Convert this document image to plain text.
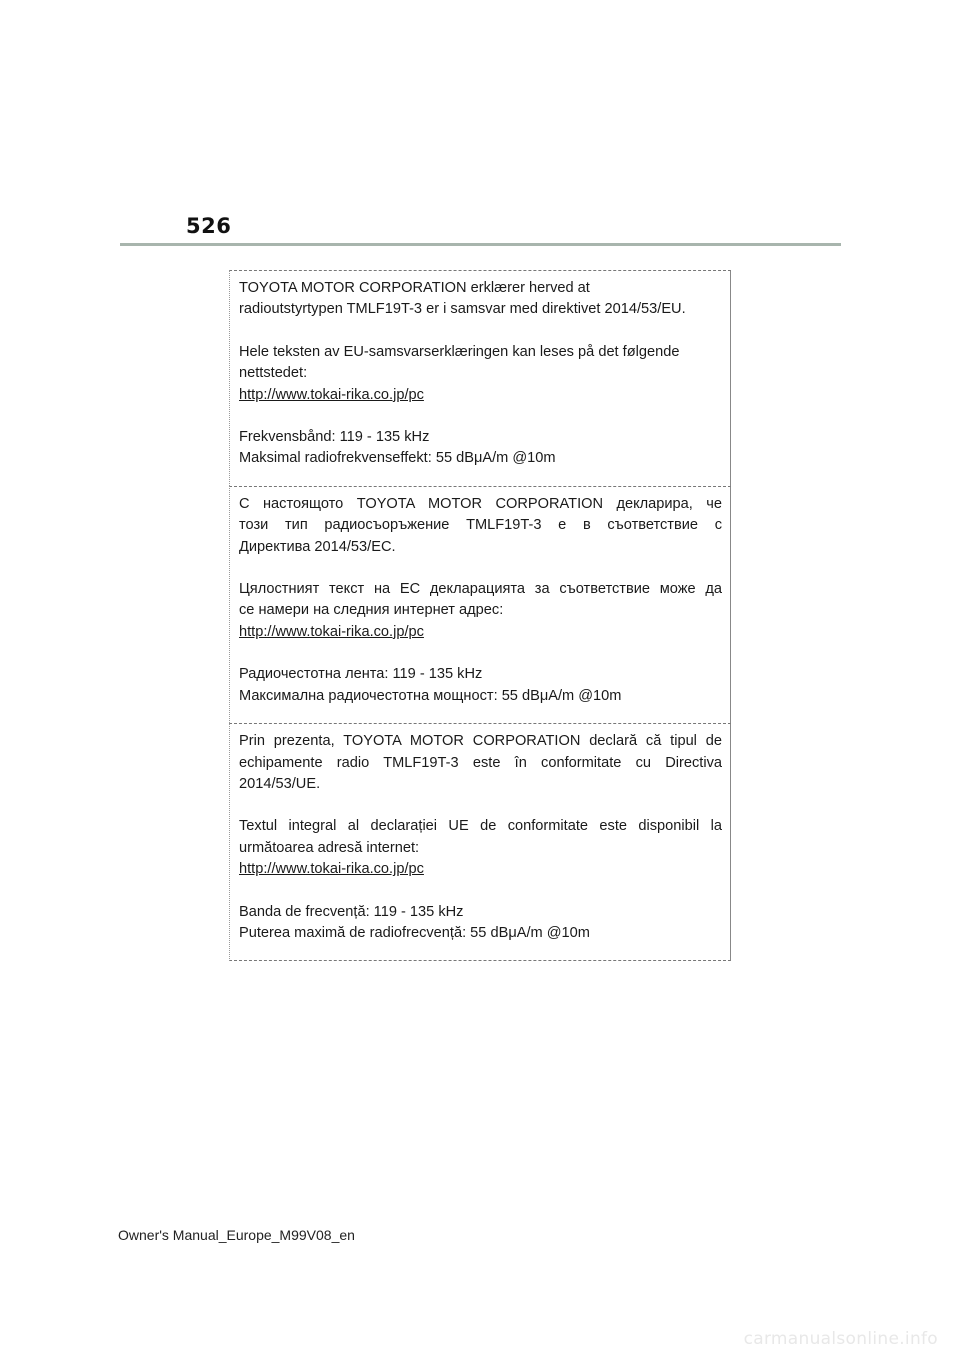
526

TOYOTA MOTOR CORPORATION erklærer herved at
radioutstyrtypen TMLF19T-3 er i samsvar med direktivet 2014/53/EU.

Hele teksten av EU-samsvarserklæringen kan leses på det følgende
nettstedet:
http://www.tokai-rika.co.jp/pc

Frekvensbånd: 119 - 135 kHz
Maksimal radiofrekvenseffekt: 55 dBμA/m @10m

С настоящото TOYOTA MOTOR CORPORATION декларира, че
този тип радиосъоръжение TMLF19T-3 е в съответствие с
Директива 2014/53/ЕС.

Цялостният текст на ЕС декларацията за съответствие може да
се намери на следния интернет адрес:
http://www.tokai-rika.co.jp/pc

Радиочестотна лента: 119 - 135 kHz
Максимална радиочестотна мощност: 55 dBμA/m @10m

Prin prezenta, TOYOTA MOTOR CORPORATION declară că tipul de
echipamente radio TMLF19T-3 este în conformitate cu Directiva
2014/53/UE.

Textul integral al declarației UE de conformitate este disponibil la
următoarea adresă internet:
http://www.tokai-rika.co.jp/pc

Banda de frecvență: 119 - 135 kHz
Puterea maximă de radiofrecvență: 55 dBμA/m @10m

Owner's Manual_Europe_M99V08_en
carmanualsonline.info
